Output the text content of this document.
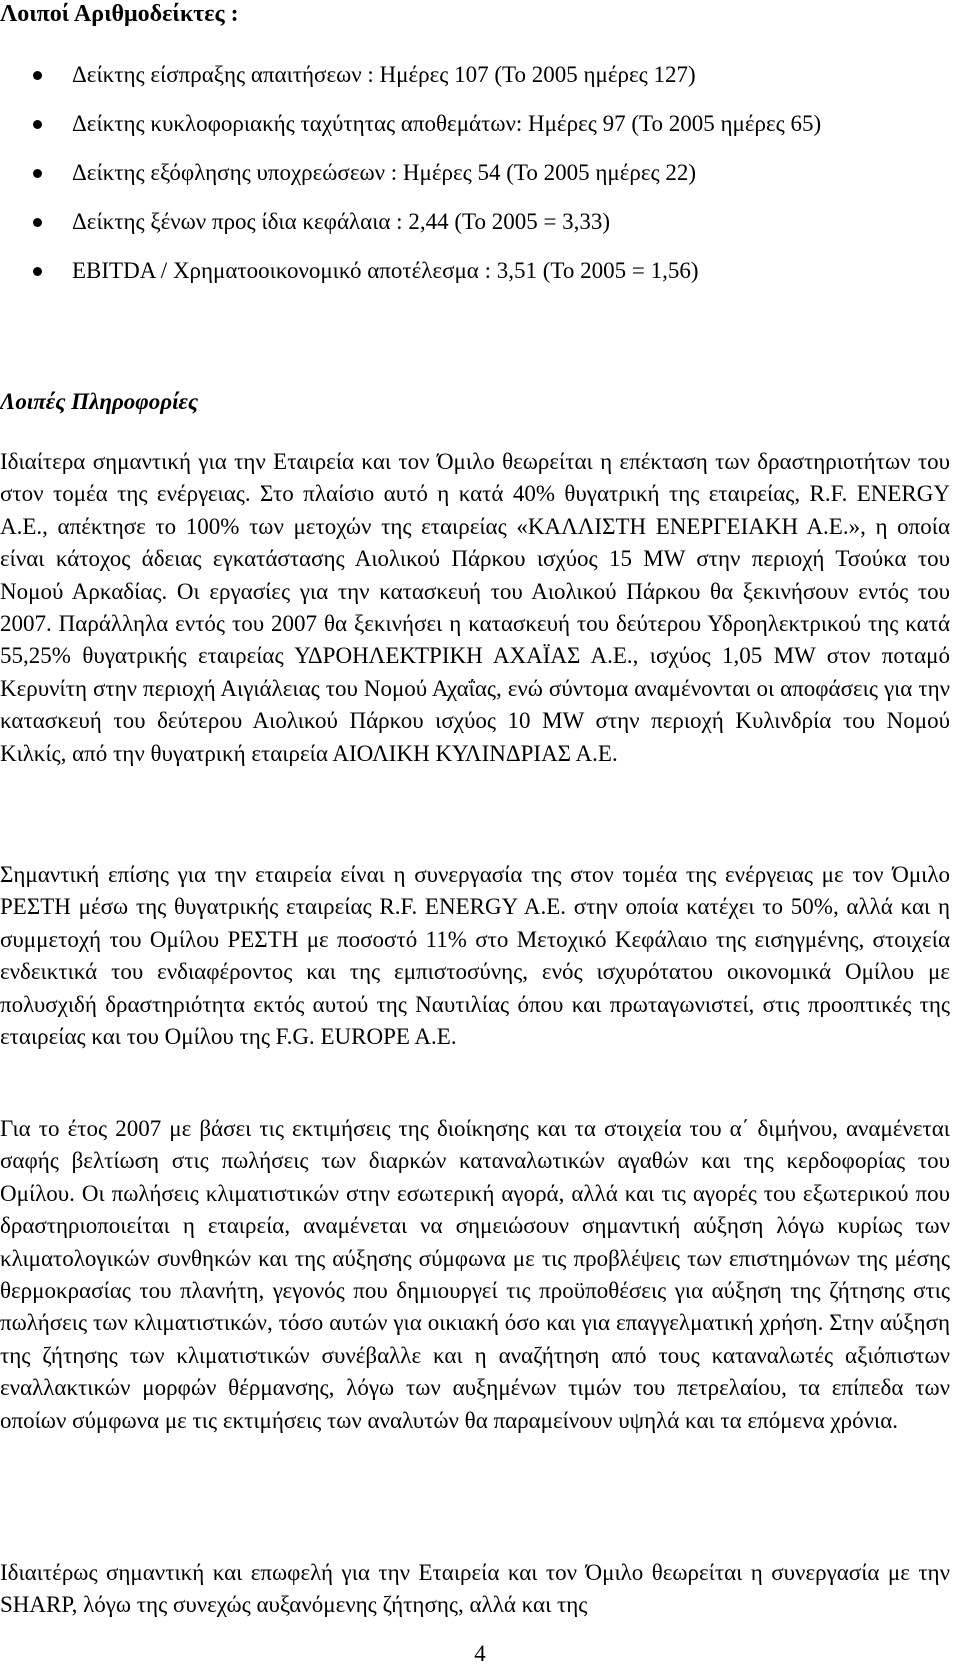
Λοιποί Αριθμοδείκτες :
Δείκτης είσπραξης απαιτήσεων : Ημέρες 107 (Το 2005 ημέρες 127)
Δείκτης κυκλοφοριακής ταχύτητας αποθεμάτων: Ημέρες 97 (Το 2005 ημέρες 65)
Δείκτης εξόφλησης υποχρεώσεων : Ημέρες 54 (Το 2005 ημέρες 22)
Δείκτης ξένων προς ίδια κεφάλαια : 2,44 (Το 2005 = 3,33)
EBITDA / Χρηματοοικονομικό αποτέλεσμα : 3,51 (Το 2005 = 1,56)
Λοιπές Πληροφορίες

Ιδιαίτερα σημαντική για την Εταιρεία και τον Όμιλο θεωρείται η επέκταση των δραστηριοτήτων του στον τομέα της ενέργειας. Στο πλαίσιο αυτό η κατά 40% θυγατρική της εταιρείας, R.F. ENERGY A.E., απέκτησε το 100% των μετοχών της εταιρείας «ΚΑΛΛΙΣΤΗ ΕΝΕΡΓΕΙΑΚΗ Α.Ε.», η οποία είναι κάτοχος άδειας εγκατάστασης Αιολικού Πάρκου ισχύος 15 MW στην περιοχή Τσούκα του Νομού Αρκαδίας. Οι εργασίες για την κατασκευή του Αιολικού Πάρκου θα ξεκινήσουν εντός του 2007. Παράλληλα εντός του 2007 θα ξεκινήσει η κατασκευή του δεύτερου Υδροηλεκτρικού της κατά 55,25% θυγατρικής εταιρείας ΥΔΡΟΗΛΕΚΤΡΙΚΗ ΑΧΑΪΑΣ Α.Ε., ισχύος 1,05 MW στον ποταμό Κερυνίτη στην περιοχή Αιγιάλειας του Νομού Αχαΐας, ενώ σύντομα αναμένονται οι αποφάσεις για την κατασκευή του δεύτερου Αιολικού Πάρκου ισχύος 10 MW στην περιοχή Κυλινδρία του Νομού Κιλκίς, από την θυγατρική εταιρεία ΑΙΟΛΙΚΗ ΚΥΛΙΝΔΡΙΑΣ Α.Ε.

Σημαντική επίσης για την εταιρεία είναι η συνεργασία της στον τομέα της ενέργειας με τον Όμιλο ΡΕΣΤΗ μέσω της θυγατρικής εταιρείας R.F. ENERGY A.E. στην οποία κατέχει το 50%, αλλά και η συμμετοχή του Ομίλου ΡΕΣΤΗ με ποσοστό 11% στο Μετοχικό Κεφάλαιο της εισηγμένης, στοιχεία ενδεικτικά του ενδιαφέροντος και της εμπιστοσύνης, ενός ισχυρότατου οικονομικά Ομίλου με πολυσχιδή δραστηριότητα εκτός αυτού της Ναυτιλίας όπου και πρωταγωνιστεί, στις προοπτικές της εταιρείας και του Ομίλου της F.G. EUROPE A.E.

Για το έτος 2007 με βάσει τις εκτιμήσεις της διοίκησης και τα στοιχεία του α΄ διμήνου, αναμένεται σαφής βελτίωση στις πωλήσεις των διαρκών καταναλωτικών αγαθών και της κερδοφορίας του Ομίλου. Οι πωλήσεις κλιματιστικών στην εσωτερική αγορά, αλλά και τις αγορές του εξωτερικού που δραστηριοποιείται η εταιρεία, αναμένεται να σημειώσουν σημαντική αύξηση λόγω κυρίως των κλιματολογικών συνθηκών και της αύξησης σύμφωνα με τις προβλέψεις των επιστημόνων της μέσης θερμοκρασίας του πλανήτη, γεγονός που δημιουργεί τις προϋποθέσεις για αύξηση της ζήτησης στις πωλήσεις των κλιματιστικών, τόσο αυτών για οικιακή όσο και για επαγγελματική χρήση. Στην αύξηση της ζήτησης των κλιματιστικών συνέβαλλε και η αναζήτηση από τους καταναλωτές αξιόπιστων εναλλακτικών μορφών θέρμανσης, λόγω των αυξημένων τιμών του πετρελαίου, τα επίπεδα των οποίων σύμφωνα με τις εκτιμήσεις των αναλυτών θα παραμείνουν υψηλά και τα επόμενα χρόνια.

Ιδιαιτέρως σημαντική και επωφελή για την Εταιρεία και τον Όμιλο θεωρείται η συνεργασία με την SHARP, λόγω της συνεχώς αυξανόμενης ζήτησης, αλλά και της

4
